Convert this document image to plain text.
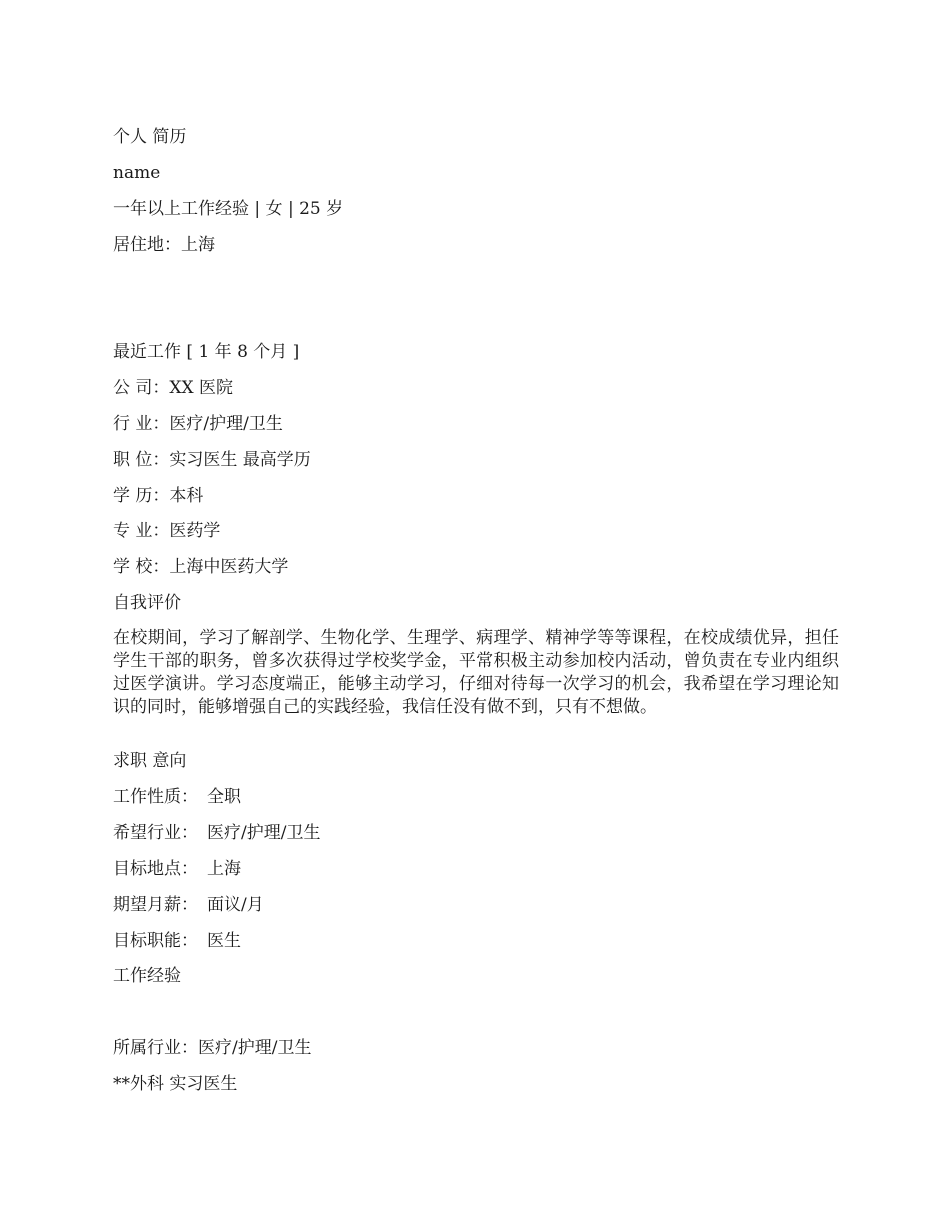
个人 简历
name
一年以上工作经验 | 女 | 25 岁
居住地：上海
最近工作 [ 1 年 8 个月 ]
公 司：XX 医院
行 业：医疗/护理/卫生
职 位：实习医生 最高学历
学 历：本科
专 业：医药学
学 校：上海中医药大学
自我评价
在校期间，学习了解剖学、生物化学、生理学、病理学、精神学等等课程，在校成绩优异，担任学生干部的职务，曾多次获得过学校奖学金，平常积极主动参加校内活动，曾负责在专业内组织过医学演讲。学习态度端正，能够主动学习，仔细对待每一次学习的机会，我希望在学习理论知识的同时，能够增强自己的实践经验，我信任没有做不到，只有不想做。
求职 意向
工作性质： 全职
希望行业： 医疗/护理/卫生
目标地点： 上海
期望月薪： 面议/月
目标职能： 医生
工作经验
所属行业：医疗/护理/卫生
**外科 实习医生
